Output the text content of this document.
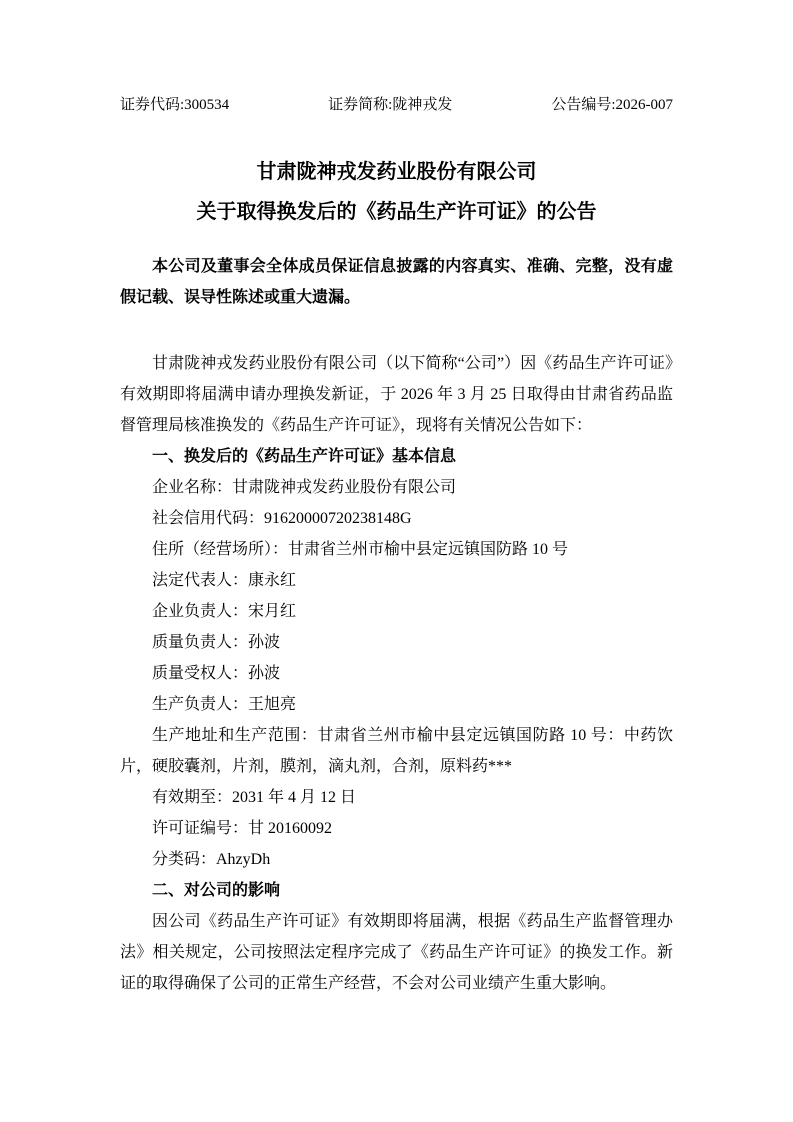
证券代码:300534	证券简称:陇神戎发	公告编号:2026-007
甘肃陇神戎发药业股份有限公司
关于取得换发后的《药品生产许可证》的公告

本公司及董事会全体成员保证信息披露的内容真实、准确、完整，没有虚假记载、误导性陈述或重大遗漏。

甘肃陇神戎发药业股份有限公司（以下简称“公司”）因《药品生产许可证》有效期即将届满申请办理换发新证，于 2026 年 3 月 25 日取得由甘肃省药品监督管理局核准换发的《药品生产许可证》，现将有关情况公告如下：

一、换发后的《药品生产许可证》基本信息

企业名称：甘肃陇神戎发药业股份有限公司

社会信用代码：91620000720238148G

住所（经营场所）：甘肃省兰州市榆中县定远镇国防路 10 号

法定代表人：康永红

企业负责人：宋月红

质量负责人：孙波

质量受权人：孙波

生产负责人：王旭亮

生产地址和生产范围：甘肃省兰州市榆中县定远镇国防路 10 号：中药饮片，硬胶囊剂，片剂，膜剂，滴丸剂，合剂，原料药***

有效期至：2031 年 4 月 12 日

许可证编号：甘 20160092

分类码：AhzyDh

二、对公司的影响

因公司《药品生产许可证》有效期即将届满，根据《药品生产监督管理办法》相关规定，公司按照法定程序完成了《药品生产许可证》的换发工作。新证的取得确保了公司的正常生产经营，不会对公司业绩产生重大影响。
